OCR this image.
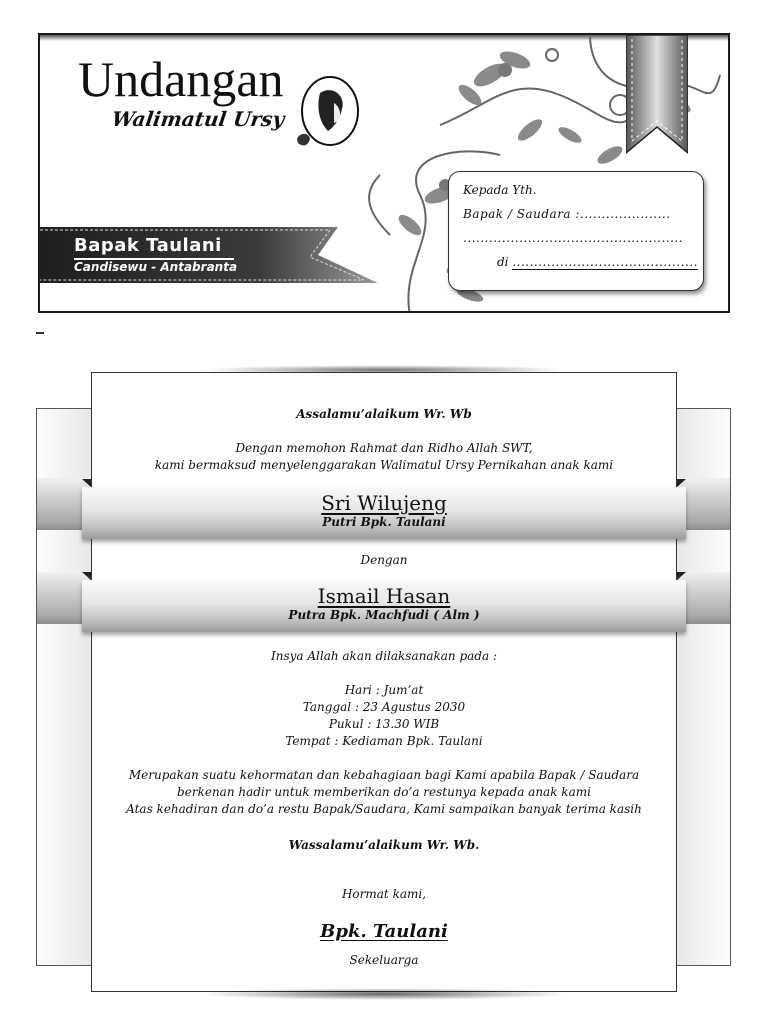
Undangan
Walimatul Ursy
Kepada Yth.
Bapak / Saudara :.....................
...................................................
di ...........................................
Bapak Taulani
Candisewu - Antabranta
Assalamu’alaikum Wr. Wb
Dengan memohon Rahmat dan Ridho Allah SWT,
kami bermaksud menyelenggarakan Walimatul Ursy Pernikahan anak kami
Sri Wilujeng
Putri Bpk. Taulani
Dengan
Ismail Hasan
Putra Bpk. Machfudi ( Alm )
Insya Allah akan dilaksanakan pada :
Hari : Jum’at
Tanggal : 23 Agustus 2030
Pukul : 13.30 WIB
Tempat : Kediaman Bpk. Taulani
Merupakan suatu kehormatan dan kebahagiaan bagi Kami apabila Bapak / Saudara
berkenan hadir untuk memberikan do’a restunya kepada anak kami
Atas kehadiran dan do’a restu Bapak/Saudara, Kami sampaikan banyak terima kasih
Wassalamu’alaikum Wr. Wb.
Hormat kami,
Bpk. Taulani
Sekeluarga
